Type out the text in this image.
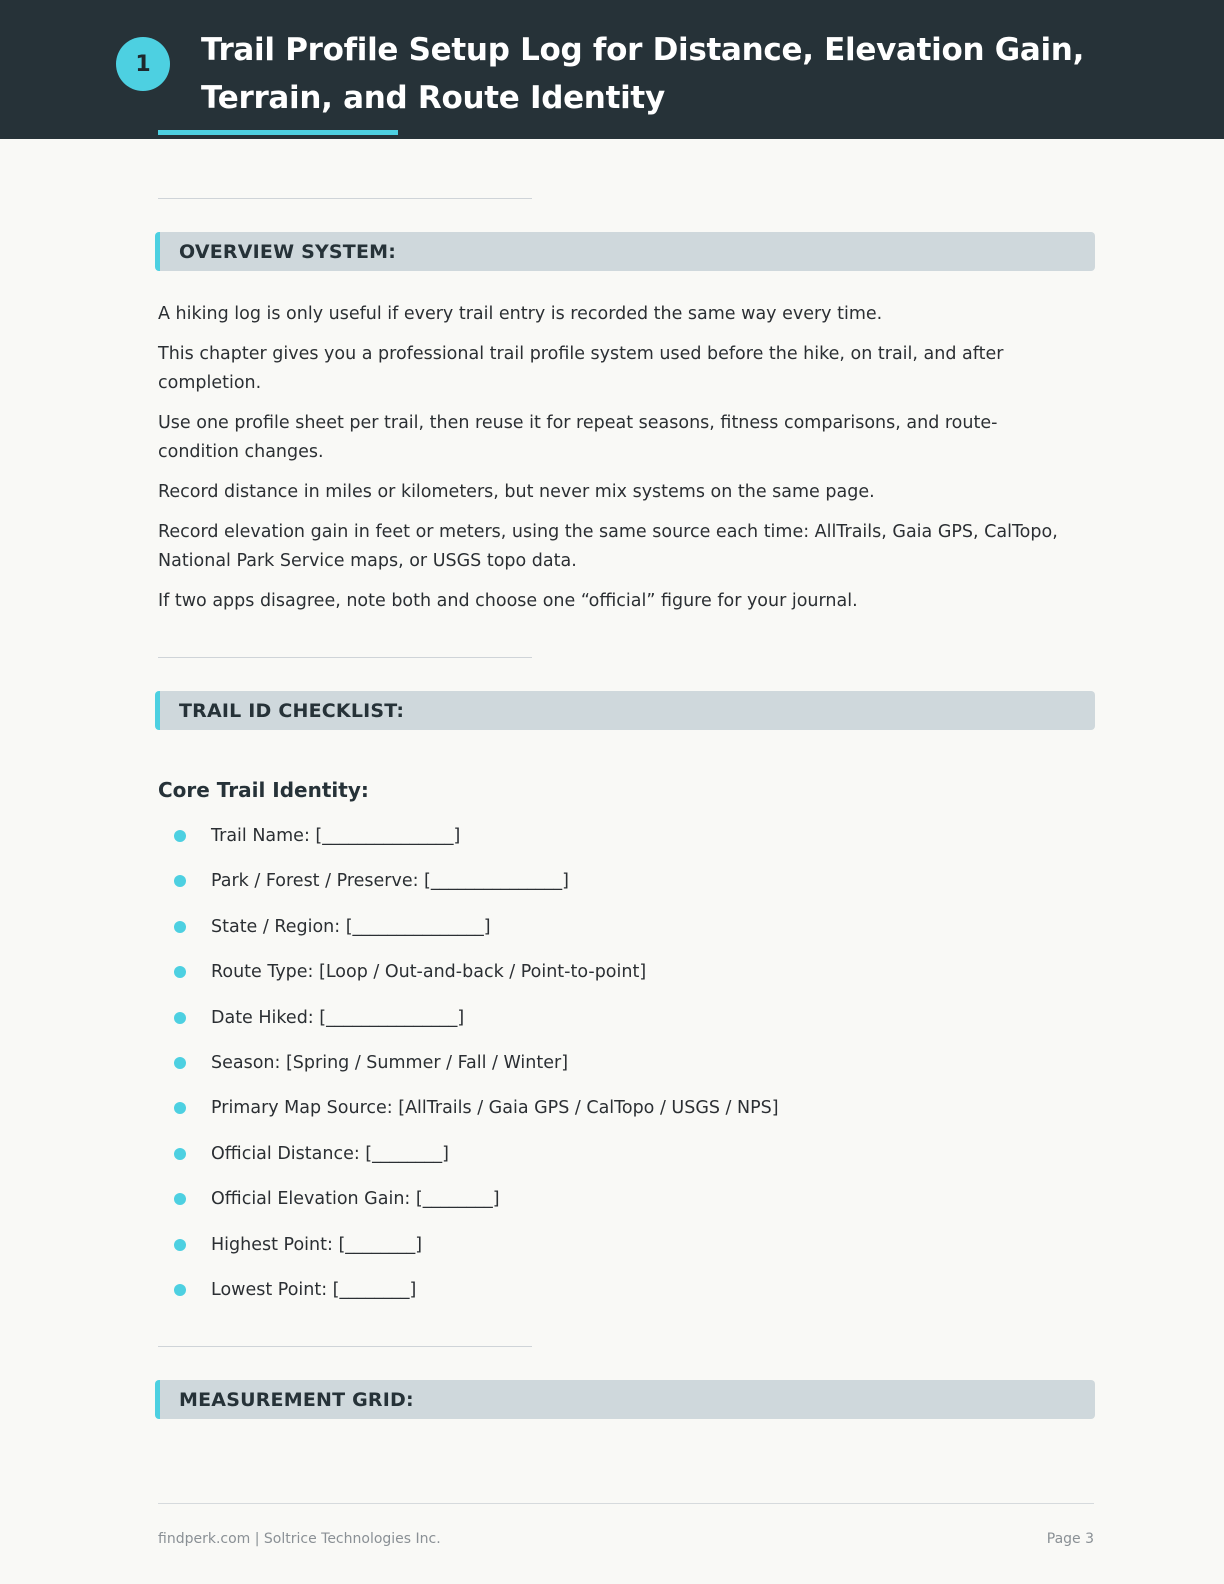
1	Trail Profile Setup Log for Distance, Elevation Gain, Terrain, and Route Identity
OVERVIEW SYSTEM:
A hiking log is only useful if every trail entry is recorded the same way every time.
This chapter gives you a professional trail profile system used before the hike, on trail, and after completion.
Use one profile sheet per trail, then reuse it for repeat seasons, fitness comparisons, and route-condition changes.
Record distance in miles or kilometers, but never mix systems on the same page.
Record elevation gain in feet or meters, using the same source each time: AllTrails, Gaia GPS, CalTopo, National Park Service maps, or USGS topo data.
If two apps disagree, note both and choose one “official” figure for your journal.
TRAIL ID CHECKLIST:
Core Trail Identity:
Trail Name: [_______________]
Park / Forest / Preserve: [_______________]
State / Region: [_______________]
Route Type: [Loop / Out-and-back / Point-to-point]
Date Hiked: [_______________]
Season: [Spring / Summer / Fall / Winter]
Primary Map Source: [AllTrails / Gaia GPS / CalTopo / USGS / NPS]
Official Distance: [________]
Official Elevation Gain: [________]
Highest Point: [________]
Lowest Point: [________]
MEASUREMENT GRID:
findperk.com | Soltrice Technologies Inc.	Page 3
